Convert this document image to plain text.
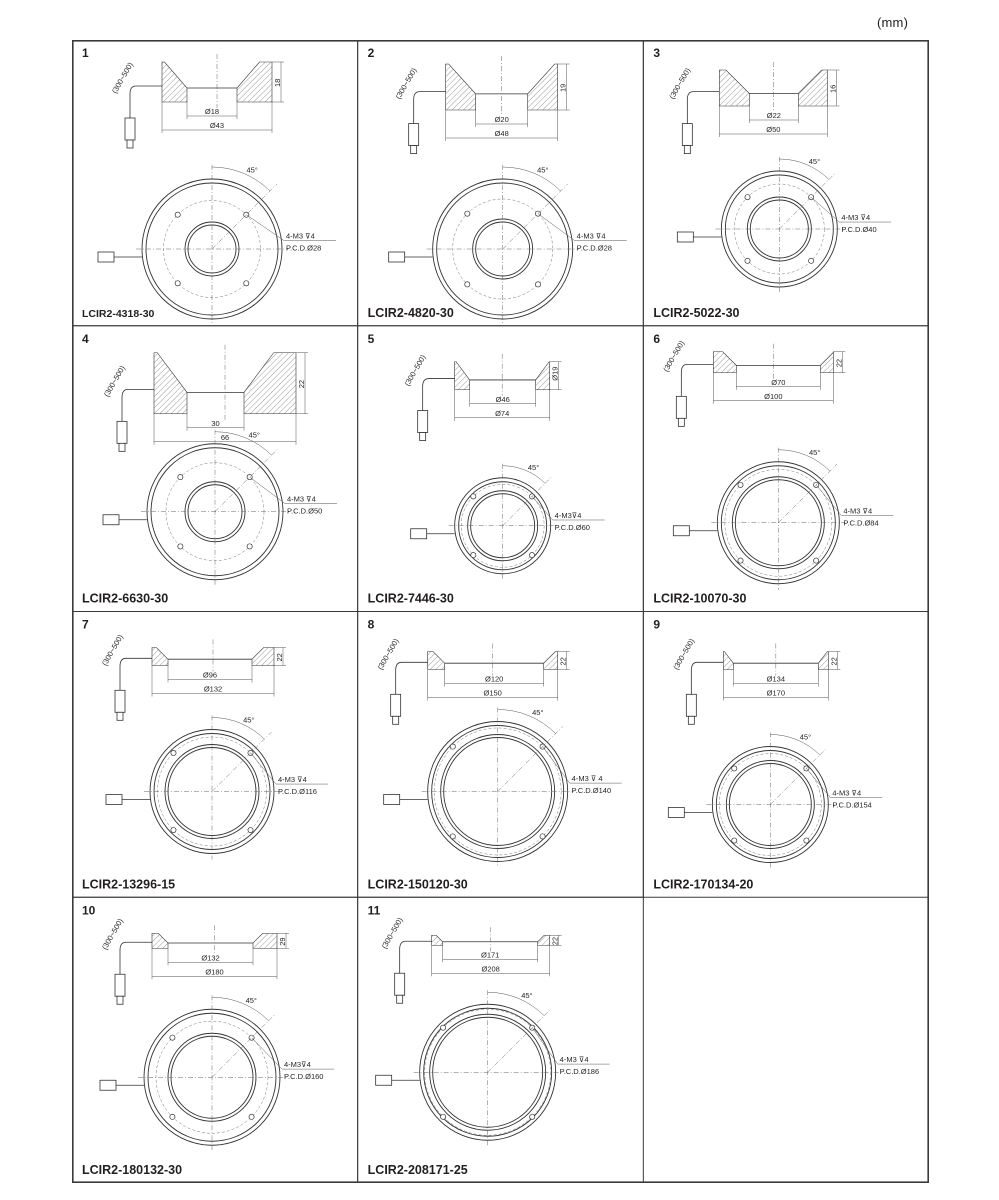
(mm)
1
LCIR2-4318-30
18
Ø18
Ø43
(300~500)
45°
4-M3 ⊽4
P.C.D.Ø28
2
LCIR2-4820-30
19
Ø20
Ø48
(300~500)
45°
4-M3 ⊽4
P.C.D.Ø28
3
LCIR2-5022-30
16
Ø22
Ø50
(300~500)
45°
4-M3 ⊽4
P.C.D.Ø40
4
LCIR2-6630-30
22
30
66
(300~500)
45°
4-M3 ⊽4
P.C.D.Ø50
5
LCIR2-7446-30
Ø19
Ø46
Ø74
(300~500)
45°
4-M3⊽4
P.C.D.Ø60
6
LCIR2-10070-30
22
Ø70
Ø100
(300~500)
45°
4-M3 ⊽4
P.C.D.Ø84
7
LCIR2-13296-15
22
Ø96
Ø132
(300~500)
45°
4-M3 ⊽4
P.C.D.Ø116
8
LCIR2-150120-30
22
Ø120
Ø150
(300~500)
45°
4-M3 ⊽ 4
P.C.D.Ø140
9
LCIR2-170134-20
22
Ø134
Ø170
(300~500)
45°
4-M3 ⊽4
P.C.D.Ø154
10
LCIR2-180132-30
29
Ø132
Ø180
(300~500)
45°
4-M3⊽4
P.C.D.Ø160
11
LCIR2-208171-25
22
Ø171
Ø208
(300~500)
45°
4-M3 ⊽4
P.C.D.Ø186
